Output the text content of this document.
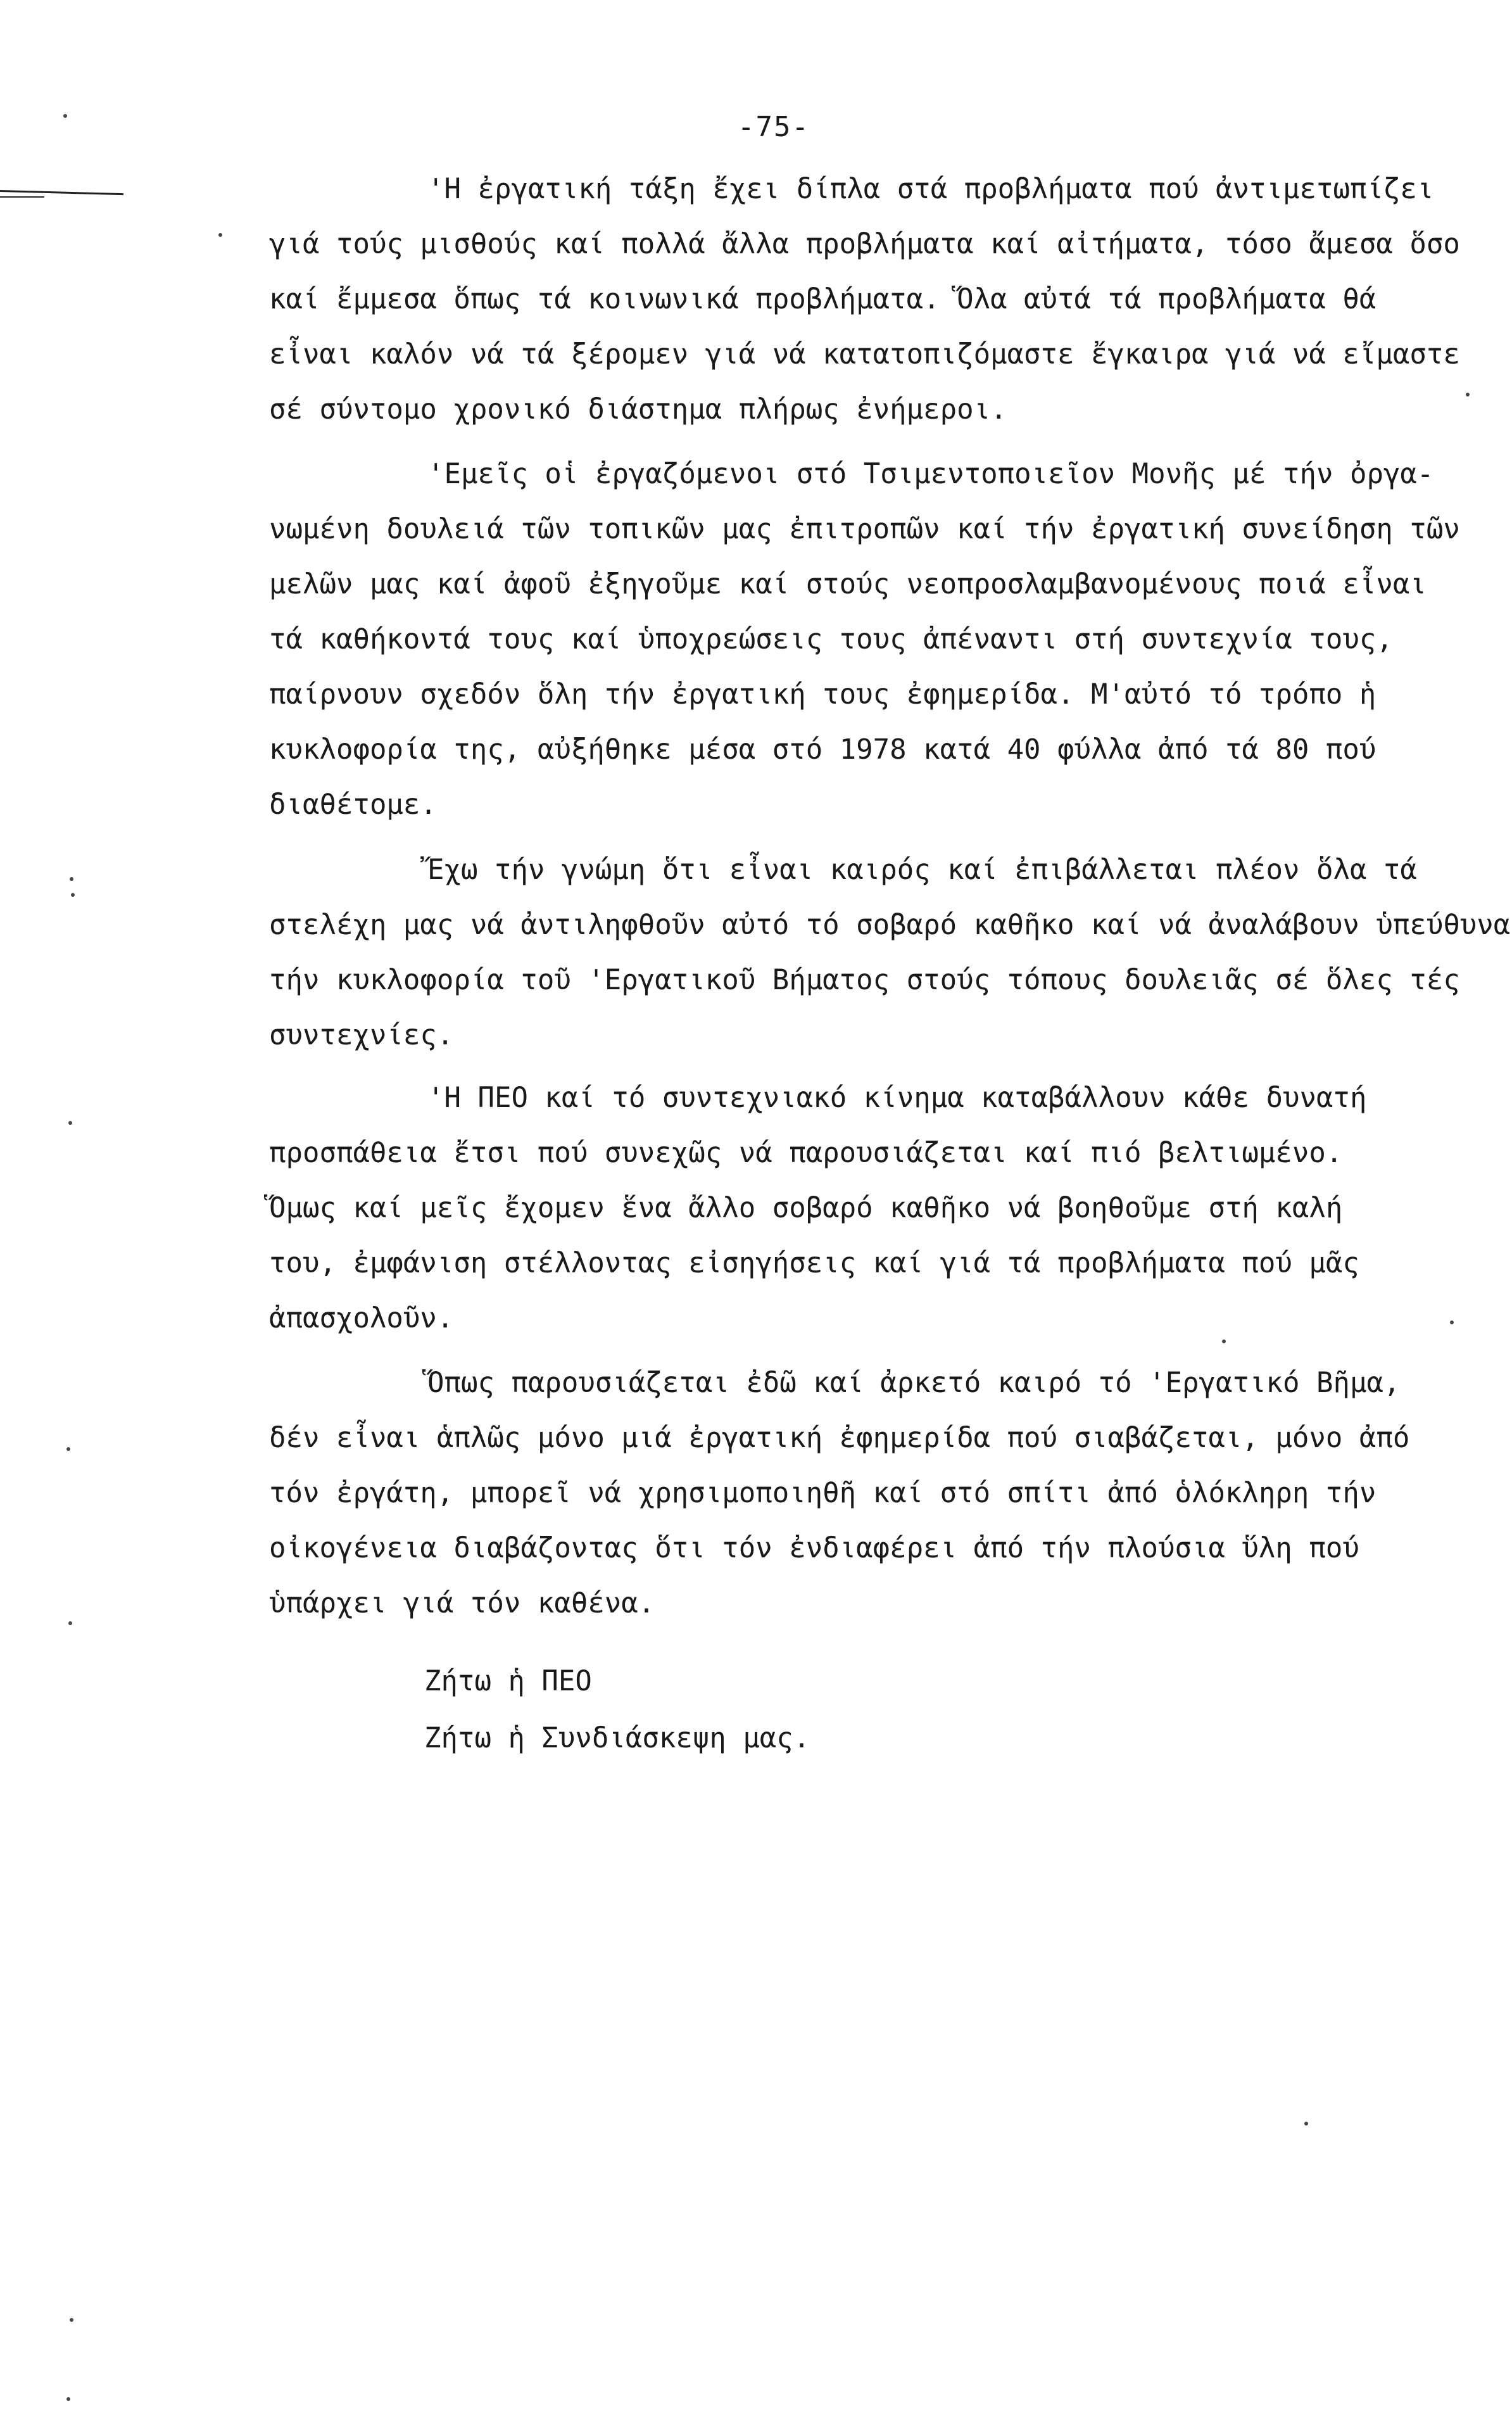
-75-
'Η ἐργατική τάξη ἔχει δίπλα στά προβλήματα πού ἀντιμετωπίζει
γιά τούς μισθούς καί πολλά ἄλλα προβλήματα καί αἰτήματα, τόσο ἄμεσα ὅσο
καί ἔμμεσα ὅπως τά κοινωνικά προβλήματα. Ὅλα αὐτά τά προβλήματα θά
εἶναι καλόν νά τά ξέρομεν γιά νά κατατοπιζόμαστε ἔγκαιρα γιά νά εἴμαστε
σέ σύντομο χρονικό διάστημα πλήρως ἐνήμεροι.
'Εμεῖς οἱ ἐργαζόμενοι στό Τσιμεντοποιεῖον Μονῆς μέ τήν ὀργα-
νωμένη δουλειά τῶν τοπικῶν μας ἐπιτροπῶν καί τήν ἐργατική συνείδηση τῶν
μελῶν μας καί ἀφοῦ ἐξηγοῦμε καί στούς νεοπροσλαμβανομένους ποιά εἶναι
τά καθήκοντά τους καί ὑποχρεώσεις τους ἀπέναντι στή συντεχνία τους,
παίρνουν σχεδόν ὅλη τήν ἐργατική τους ἐφημερίδα. Μ'αὐτό τό τρόπο ἡ
κυκλοφορία της, αὐξήθηκε μέσα στό 1978 κατά 40 φύλλα ἀπό τά 80 πού
διαθέτομε.
Ἔχω τήν γνώμη ὅτι εἶναι καιρός καί ἐπιβάλλεται πλέον ὅλα τά
στελέχη μας νά ἀντιληφθοῦν αὐτό τό σοβαρό καθῆκο καί νά ἀναλάβουν ὑπεύθυνα
τήν κυκλοφορία τοῦ 'Εργατικοῦ Βήματος στούς τόπους δουλειᾶς σέ ὅλες τές
συντεχνίες.
'Η ΠΕΟ καί τό συντεχνιακό κίνημα καταβάλλουν κάθε δυνατή
προσπάθεια ἔτσι πού συνεχῶς νά παρουσιάζεται καί πιό βελτιωμένο.
Ὅμως καί μεῖς ἔχομεν ἕνα ἄλλο σοβαρό καθῆκο νά βοηθοῦμε στή καλή
του, ἐμφάνιση στέλλοντας εἰσηγήσεις καί γιά τά προβλήματα πού μᾶς
ἀπασχολοῦν.
Ὅπως παρουσιάζεται ἐδῶ καί ἀρκετό καιρό τό 'Εργατικό Βῆμα,
δέν εἶναι ἁπλῶς μόνο μιά ἐργατική ἐφημερίδα πού σιαβάζεται, μόνο ἀπό
τόν ἐργάτη, μπορεῖ νά χρησιμοποιηθῆ καί στό σπίτι ἀπό ὁλόκληρη τήν
οἰκογένεια διαβάζοντας ὅτι τόν ἐνδιαφέρει ἀπό τήν πλούσια ὕλη πού
ὑπάρχει γιά τόν καθένα.
Ζήτω ἡ ΠΕΟ
Ζήτω ἡ Συνδιάσκεψη μας.
